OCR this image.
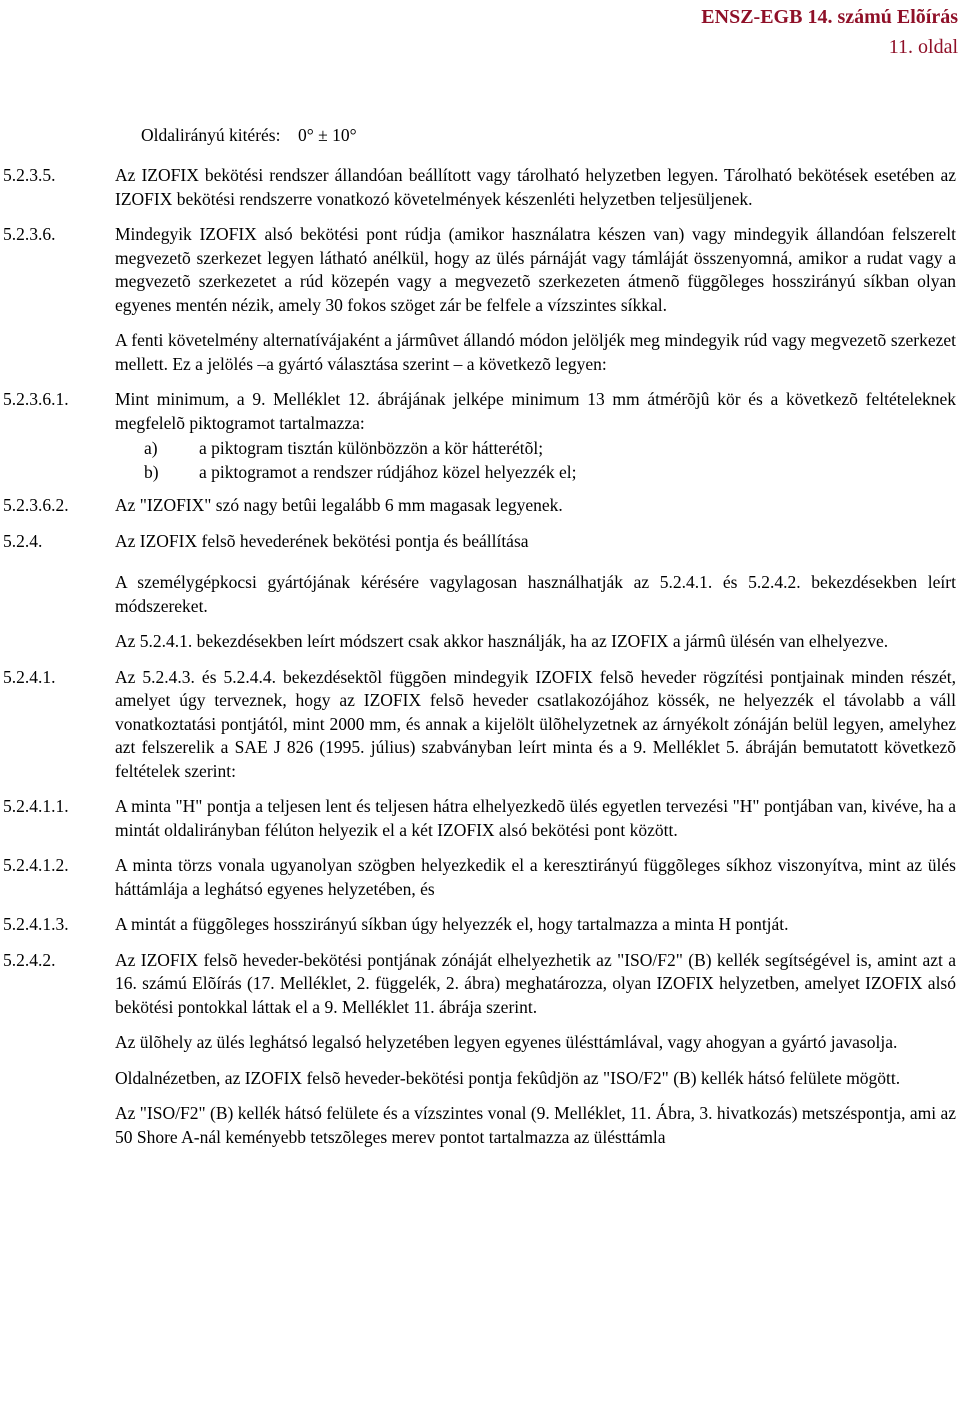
ENSZ-EGB 14. számú Elõírás
11. oldal
Oldalirányú kitérés:    0° ± 10°
5.2.3.5.	Az IZOFIX bekötési rendszer állandóan beállított vagy tárolható helyzetben legyen. Tárolható bekötések esetében az IZOFIX bekötési rendszerre vonatkozó követelmények készenléti helyzetben teljesüljenek.
5.2.3.6.	Mindegyik IZOFIX alsó bekötési pont rúdja (amikor használatra készen van) vagy mindegyik állandóan felszerelt megvezetõ szerkezet legyen látható anélkül, hogy az ülés párnáját vagy támláját összenyomná, amikor a rudat vagy a megvezetõ szerkezetet a rúd közepén vagy a megvezetõ szerkezeten átmenõ függõleges hosszirányú síkban olyan egyenes mentén nézik, amely 30 fokos szöget zár be felfele a vízszintes síkkal.
A fenti követelmény alternatívájaként a jármûvet állandó módon jelöljék meg mindegyik rúd vagy megvezetõ szerkezet mellett. Ez a jelölés –a gyártó választása szerint – a következõ legyen:
5.2.3.6.1.	Mint minimum, a 9. Melléklet 12. ábrájának jelképe minimum 13 mm átmérõjû kör és a következõ feltételeknek megfelelõ piktogramot tartalmazza:
a)	a piktogram tisztán különbözzön a kör hátterétõl;
b)	a piktogramot a rendszer rúdjához közel helyezzék el;
5.2.3.6.2.	Az "IZOFIX" szó nagy betûi legalább 6 mm magasak legyenek.
5.2.4.	Az IZOFIX felsõ hevederének bekötési pontja és beállítása
A személygépkocsi gyártójának kérésére vagylagosan használhatják az 5.2.4.1. és 5.2.4.2. bekezdésekben leírt módszereket.
Az 5.2.4.1. bekezdésekben leírt módszert csak akkor használják, ha az IZOFIX a jármû ülésén van elhelyezve.
5.2.4.1.	Az 5.2.4.3. és 5.2.4.4. bekezdésektõl függõen mindegyik IZOFIX felsõ heveder rögzítési pontjainak minden részét, amelyet úgy terveznek, hogy az IZOFIX felsõ heveder csatlakozójához kössék, ne helyezzék el távolabb a váll vonatkoztatási pontjától, mint 2000 mm, és annak a kijelölt ülõhelyzetnek az árnyékolt zónáján belül legyen, amelyhez azt felszerelik a SAE J 826 (1995. július) szabványban leírt minta és a 9. Melléklet 5. ábráján bemutatott következõ feltételek szerint:
5.2.4.1.1.	A minta "H" pontja a teljesen lent és teljesen hátra elhelyezkedõ ülés egyetlen tervezési "H" pontjában van, kivéve, ha a mintát oldalirányban félúton helyezik el a két IZOFIX alsó bekötési pont között.
5.2.4.1.2.	A minta törzs vonala ugyanolyan szögben helyezkedik el a keresztirányú függõleges síkhoz viszonyítva, mint az ülés háttámlája a leghátsó egyenes helyzetében, és
5.2.4.1.3.	A mintát a függõleges hosszirányú síkban úgy helyezzék el, hogy tartalmazza a minta H pontját.
5.2.4.2.	Az IZOFIX felsõ heveder-bekötési pontjának zónáját elhelyezhetik az "ISO/F2" (B) kellék segítségével is, amint azt a 16. számú Elõírás (17. Melléklet, 2. függelék, 2. ábra) meghatározza, olyan IZOFIX helyzetben, amelyet IZOFIX alsó bekötési pontokkal láttak el a 9. Melléklet 11. ábrája szerint.
Az ülõhely az ülés leghátsó legalsó helyzetében legyen egyenes ülésttámlával, vagy ahogyan a gyártó javasolja.
Oldalnézetben, az IZOFIX felsõ heveder-bekötési pontja fekûdjön az "ISO/F2" (B) kellék hátsó felülete mögött.
Az "ISO/F2" (B) kellék hátsó felülete és a vízszintes vonal (9. Melléklet, 11. Ábra, 3. hivatkozás) metszéspontja, ami az 50 Shore A-nál keményebb tetszõleges merev pontot tartalmazza az ülésttámla
